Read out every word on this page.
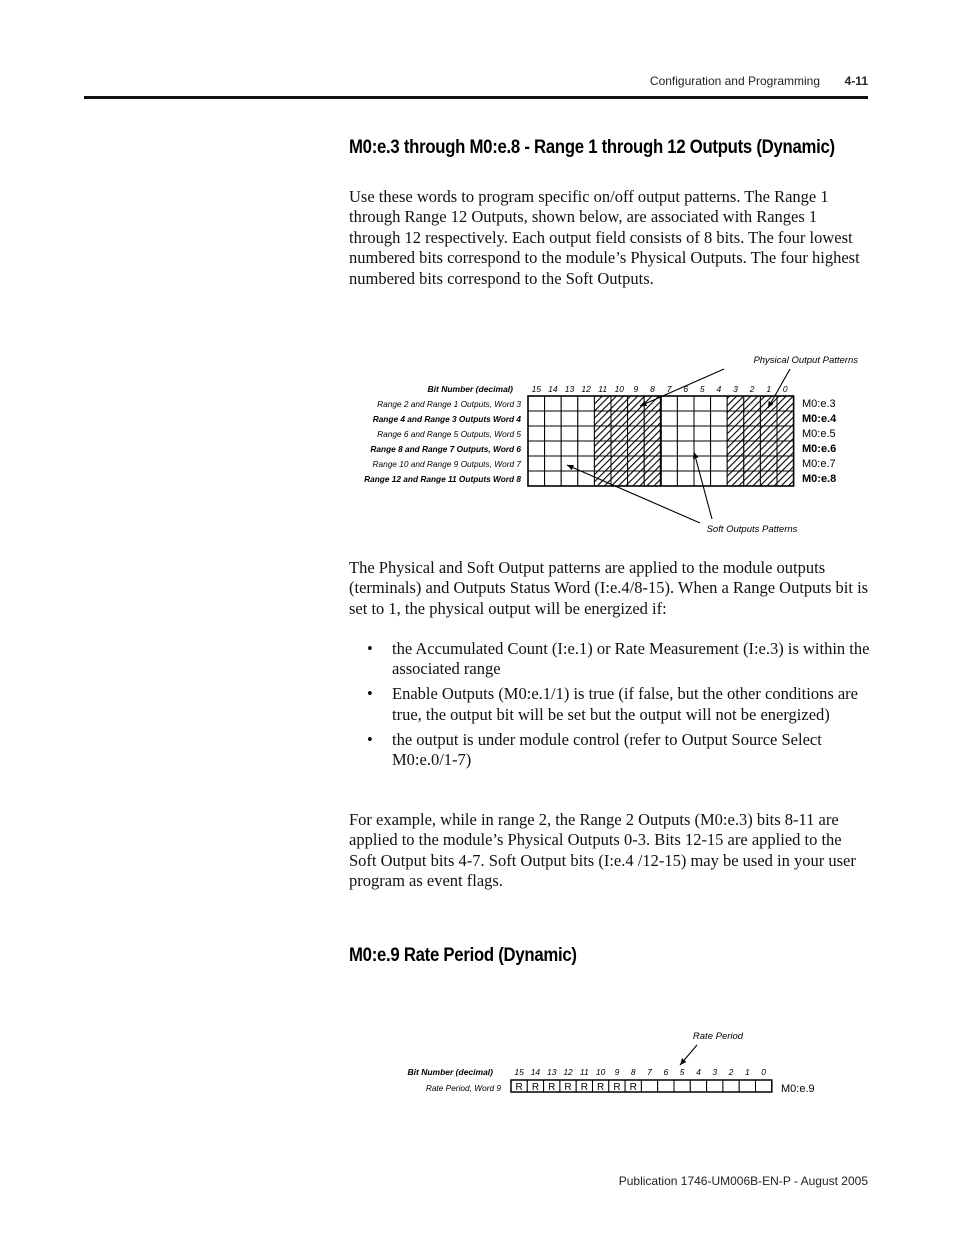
Configuration and Programming 4-11
M0:e.3 through M0:e.8 - Range 1 through 12 Outputs (Dynamic)

Use these words to program specific on/off output patterns. The Range 1 through Range 12 Outputs, shown below, are associated with Ranges 1 through 12 respectively. Each output field consists of 8 bits. The four lowest numbered bits correspond to the module’s Physical Outputs. The four highest numbered bits correspond to the Soft Outputs.

Bit Number (decimal) 15 14 13 12 11 10 9 8 7 6 5 4 3 2 1 0
Range 2 and Range 1 Outputs, Word 3	M0:e.3
Range 4 and Range 3 Outputs Word 4	M0:e.4
Range 6 and Range 5 Outputs, Word 5	M0:e.5
Range 8 and Range 7 Outputs, Word 6	M0:e.6
Range 10 and Range 9 Outputs, Word 7	M0:e.7
Range 12 and Range 11 Outputs Word 8	M0:e.8
Physical Output Patterns
Soft Outputs Patterns

The Physical and Soft Output patterns are applied to the module outputs (terminals) and Outputs Status Word (I:e.4/8-15). When a Range Outputs bit is set to 1, the physical output will be energized if:

• the Accumulated Count (I:e.1) or Rate Measurement (I:e.3) is within the associated range
• Enable Outputs (M0:e.1/1) is true (if false, but the other conditions are true, the output bit will be set but the output will not be energized)
• the output is under module control (refer to Output Source Select M0:e.0/1-7)

For example, while in range 2, the Range 2 Outputs (M0:e.3) bits 8-11 are applied to the module’s Physical Outputs 0-3. Bits 12-15 are applied to the Soft Output bits 4-7. Soft Output bits (I:e.4 /12-15) may be used in your user program as event flags.

M0:e.9 Rate Period (Dynamic)
Bit Number (decimal)	15 14 13 12 11 10 9 8 7 6 5 4 3 2 1 0
Rate Period, Word 9 R R R R R R R R	M0:e.9
Rate Period
Publication 1746-UM006B-EN-P - August 2005
